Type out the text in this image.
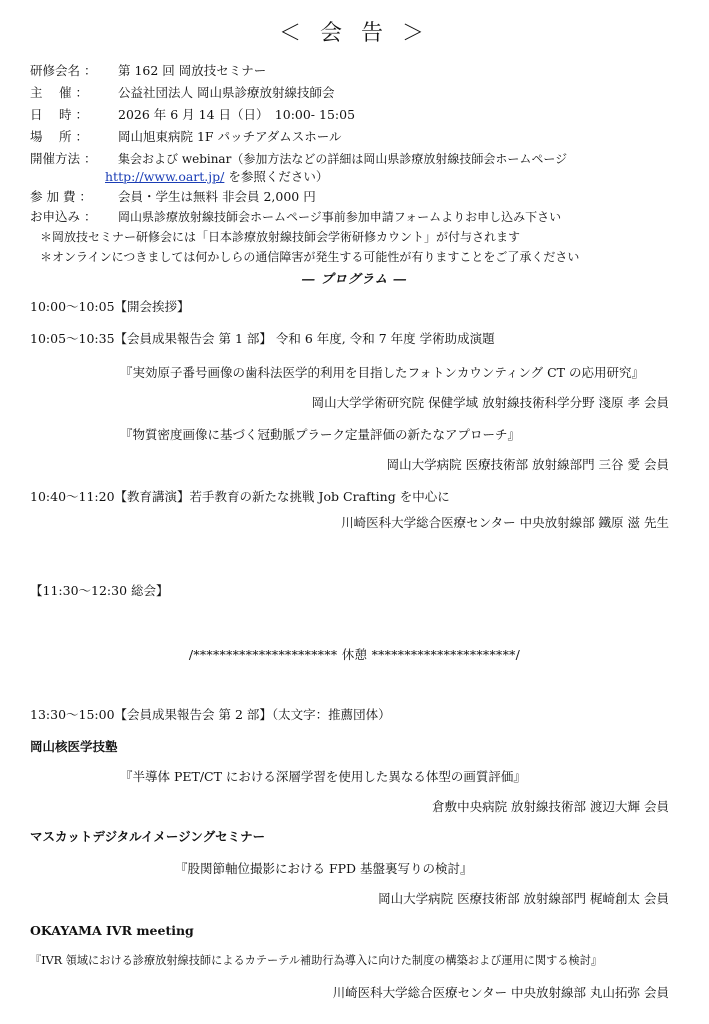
＜ 会 告 ＞
研修会名 ： 第 162 回 岡放技セミナー
主　 催 ： 公益社団法人 岡山県診療放射線技師会
日　 時 ： 2026 年 6 月 14 日（日）　10:00- 15:05
場　 所 ： 岡山旭東病院 1F パッチアダムスホール
開催方法 ： 集会および webinar（参加方法などの詳細は岡山県診療放射線技師会ホームページ
http://www.oart.jp/ を参照ください）
参 加 費 ： 会員・学生は無料 非会員 2,000 円
お申込み ： 岡山県診療放射線技師会ホームページ事前参加申請フォームよりお申し込み下さい
＊岡放技セミナー研修会には「日本診療放射線技師会学術研修カウント」が付与されます
＊オンラインにつきましては何かしらの通信障害が発生する可能性が有りますことをご了承ください
― プログラム ―
10:00〜10:05【開会挨拶】
10:05〜10:35【会員成果報告会 第 1 部】 令和 6 年度, 令和 7 年度 学術助成演題
『実効原子番号画像の歯科法医学的利用を目指したフォトンカウンティング CT の応用研究』
岡山大学学術研究院 保健学域 放射線技術科学分野 淺原 孝 会員
『物質密度画像に基づく冠動脈プラーク定量評価の新たなアプローチ』
岡山大学病院 医療技術部 放射線部門 三谷 愛 会員
10:40〜11:20【教育講演】若手教育の新たな挑戦 Job Crafting を中心に
川崎医科大学総合医療センター 中央放射線部 鐵原 滋 先生
【11:30〜12:30 総会】
/********************** 休憩 **********************/
13:30〜15:00【会員成果報告会 第 2 部】（太文字：推薦団体）
岡山核医学技塾
『半導体 PET/CT における深層学習を使用した異なる体型の画質評価』
倉敷中央病院 放射線技術部 渡辺大輝 会員
マスカットデジタルイメージングセミナー
『股関節軸位撮影における FPD 基盤裏写りの検討』
岡山大学病院 医療技術部 放射線部門 梶崎創太 会員
OKAYAMA IVR meeting
『IVR 領域における診療放射線技師によるカテーテル補助行為導入に向けた制度の構築および運用に関する検討』
川崎医科大学総合医療センター 中央放射線部 丸山拓弥 会員
